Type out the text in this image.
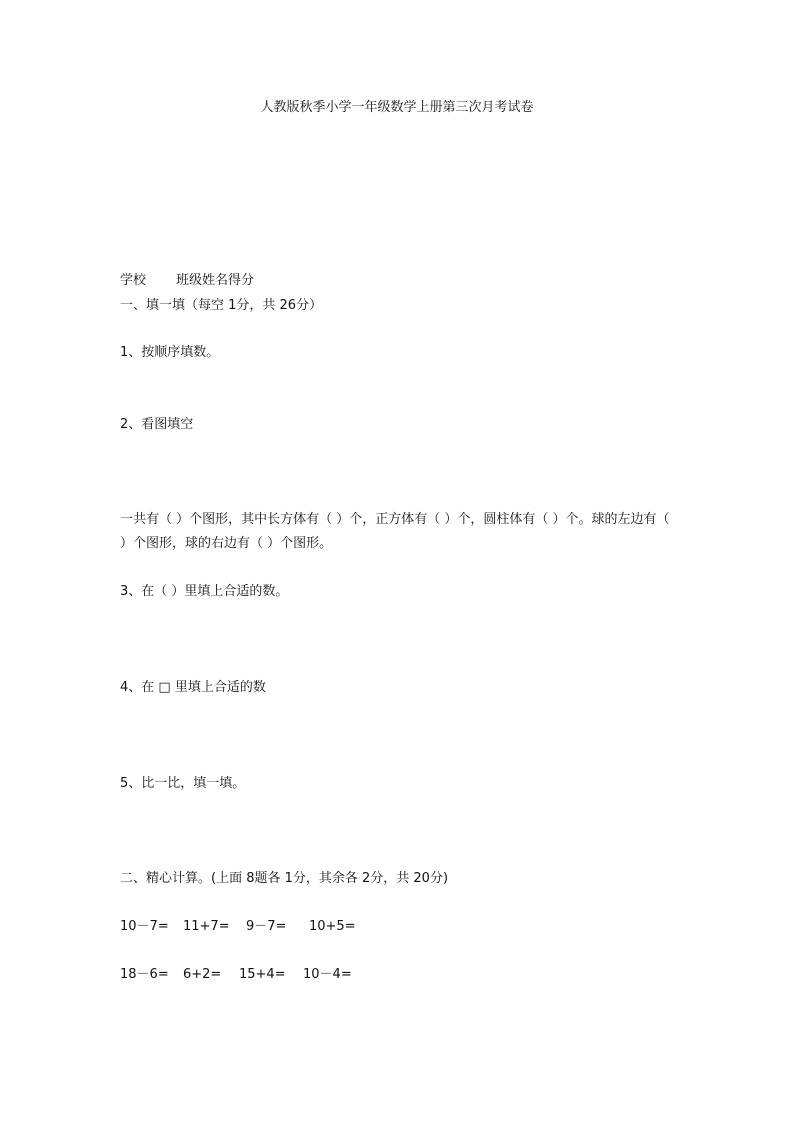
人教版秋季小学一年级数学上册第三次月考试卷
学校 班级姓名得分
一、填一填（每空 1分，共 26分）
1、按顺序填数。
2、看图填空
一共有（ ）个图形，其中长方体有（ ）个，正方体有（ ）个，圆柱体有（ ）个。球的左边有（ ）个图形，球的右边有（ ）个图形。
3、在（ ）里填上合适的数。
4、在 □ 里填上合适的数
5、比一比，填一填。
二、精心计算。(上面 8题各 1分，其余各 2分，共 20分)
10－7= 11+7= 9－7= 10+5=
18－6= 6+2= 15+4= 10－4=
